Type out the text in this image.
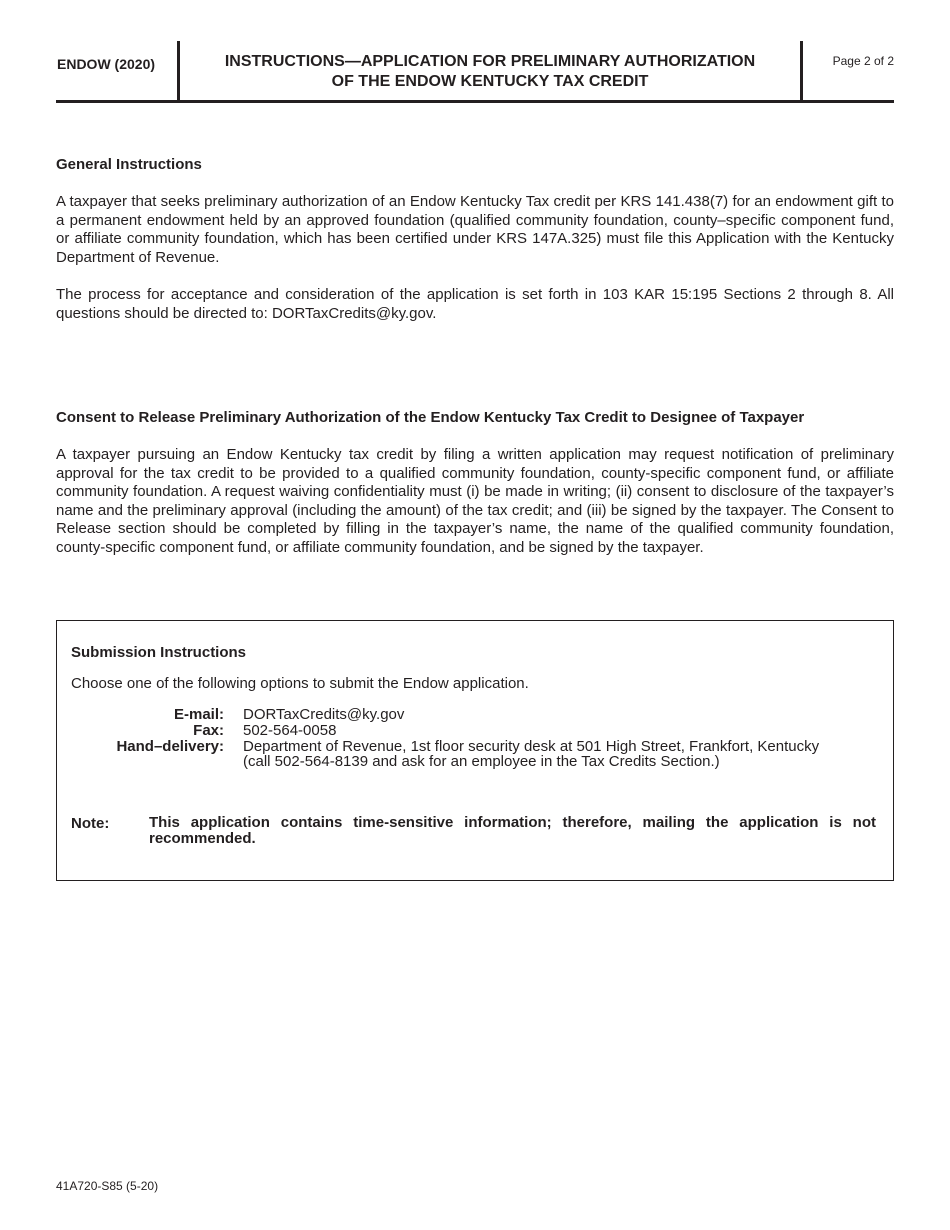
ENDOW (2020)	INSTRUCTIONS—APPLICATION FOR PRELIMINARY AUTHORIZATION
OF THE ENDOW KENTUCKY TAX CREDIT
Page 2 of 2
General Instructions
A taxpayer that seeks preliminary authorization of an Endow Kentucky Tax credit per KRS 141.438(7) for an endowment gift to a permanent endowment held by an approved foundation (qualified community foundation, county–specific component fund, or affiliate community foundation, which has been certified under KRS 147A.325) must file this Application with the Kentucky Department of Revenue.
The process for acceptance and consideration of the application is set forth in 103 KAR 15:195 Sections 2 through 8. All questions should be directed to: DORTaxCredits@ky.gov.
Consent to Release Preliminary Authorization of the Endow Kentucky Tax Credit to Designee of Taxpayer
A taxpayer pursuing an Endow Kentucky tax credit by filing a written application may request notification of preliminary approval for the tax credit to be provided to a qualified community foundation, county-specific component fund, or affiliate community foundation. A request waiving confidentiality must (i) be made in writing; (ii) consent to disclosure of the taxpayer’s name and the preliminary approval (including the amount) of the tax credit; and (iii) be signed by the taxpayer. The Consent to Release section should be completed by filling in the taxpayer’s name, the name of the qualified community foundation, county-specific component fund, or affiliate community foundation, and be signed by the taxpayer.
Submission Instructions
Choose one of the following options to submit the Endow application.
E-mail: DORTaxCredits@ky.gov
Fax: 502-564-0058
Hand–delivery: Department of Revenue, 1st floor security desk at 501 High Street, Frankfort, Kentucky
(call 502-564-8139 and ask for an employee in the Tax Credits Section.)
Note:	This application contains time-sensitive information; therefore, mailing the application is not recommended.
41A720-S85 (5-20)
